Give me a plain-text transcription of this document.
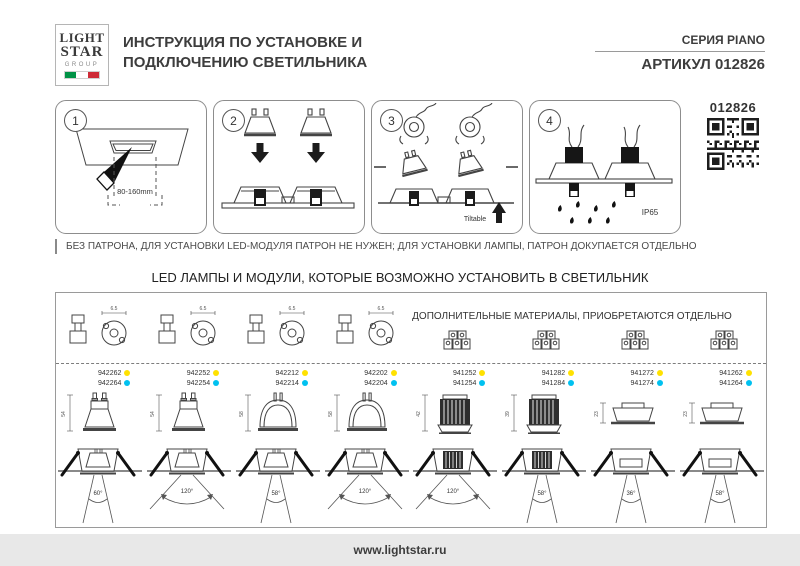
LIGHT
STAR
GROUP
ИНСТРУКЦИЯ ПО УСТАНОВКЕ И
ПОДКЛЮЧЕНИЮ СВЕТИЛЬНИКА
СЕРИЯ PIANO
АРТИКУЛ 012826
1
80-160mm
2	3
Tiltable
4
IP65
012826
БЕЗ ПАТРОНА, ДЛЯ УСТАНОВКИ LED-МОДУЛЯ ПАТРОН НЕ НУЖЕН; ДЛЯ УСТАНОВКИ ЛАМПЫ, ПАТРОН ДОКУПАЕТСЯ ОТДЕЛЬНО
LED ЛАМПЫ И МОДУЛИ, КОТОРЫЕ ВОЗМОЖНО УСТАНОВИТЬ В СВЕТИЛЬНИК
ДОПОЛНИТЕЛЬНЫЕ МАТЕРИАЛЫ, ПРИОБРЕТАЮТСЯ ОТДЕЛЬНО
6.5
942262
942264
54
60°
6.5
942252
942254
54
120°
6.5
942212
942214
58
58°
6.5
942202
942204
58
120°
941252
941254
42
120°
941282
941284
39
58°
941272
941274
23
36°
941262
941264
23
58°
www.lightstar.ru
